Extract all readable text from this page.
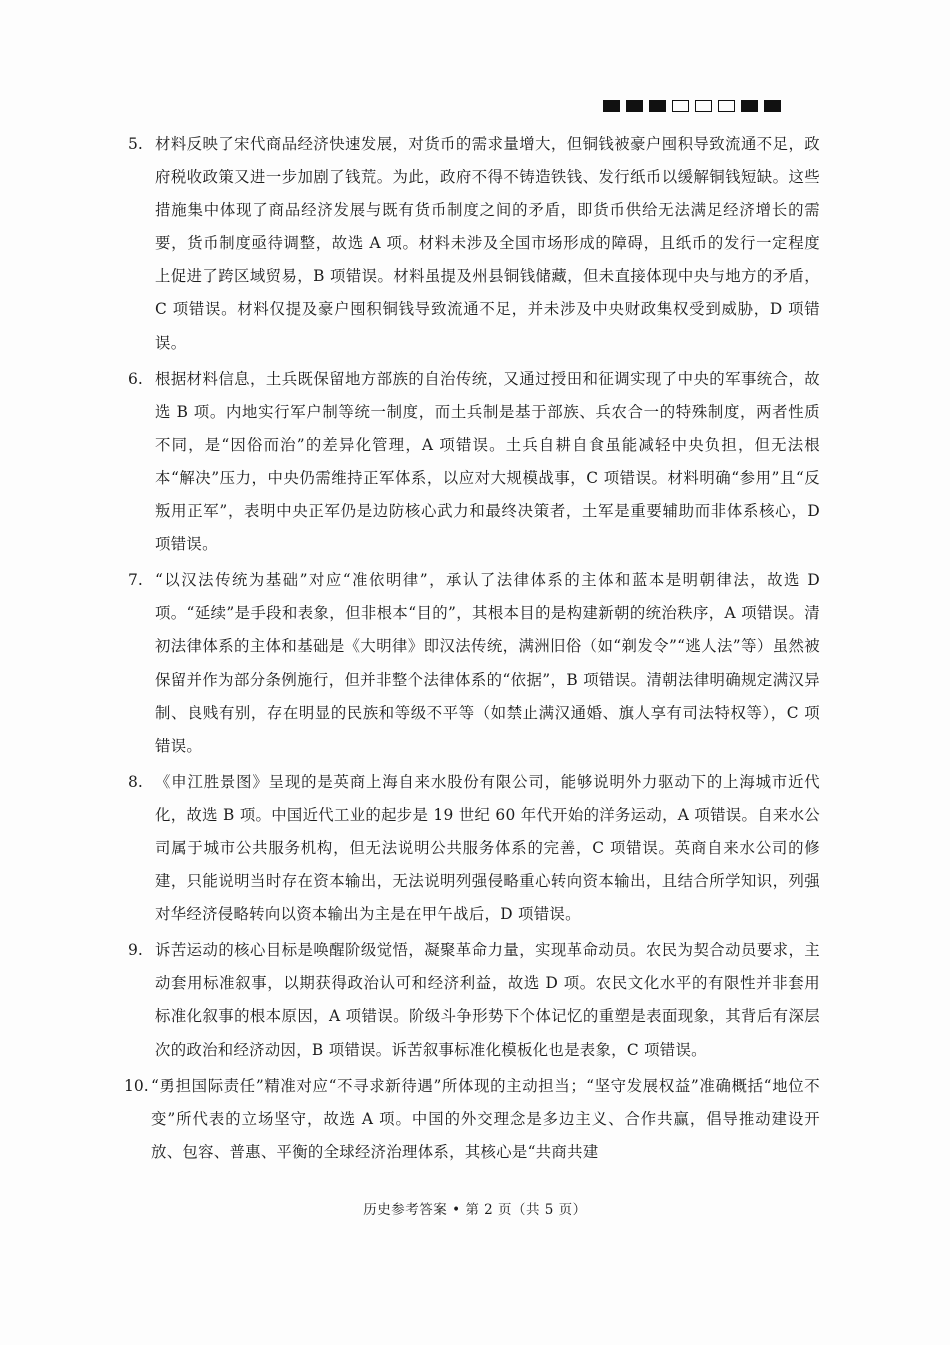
5. 材料反映了宋代商品经济快速发展，对货币的需求量增大，但铜钱被豪户囤积导致流通不足，政府税收政策又进一步加剧了钱荒。为此，政府不得不铸造铁钱、发行纸币以缓解铜钱短缺。这些措施集中体现了商品经济发展与既有货币制度之间的矛盾，即货币供给无法满足经济增长的需要，货币制度亟待调整，故选 A 项。材料未涉及全国市场形成的障碍，且纸币的发行一定程度上促进了跨区域贸易，B 项错误。材料虽提及州县铜钱储藏，但未直接体现中央与地方的矛盾，C 项错误。材料仅提及豪户囤积铜钱导致流通不足，并未涉及中央财政集权受到威胁，D 项错误。
6. 根据材料信息，土兵既保留地方部族的自治传统，又通过授田和征调实现了中央的军事统合，故选 B 项。内地实行军户制等统一制度，而土兵制是基于部族、兵农合一的特殊制度，两者性质不同，是“因俗而治”的差异化管理，A 项错误。土兵自耕自食虽能减轻中央负担，但无法根本“解决”压力，中央仍需维持正军体系，以应对大规模战事，C 项错误。材料明确“参用”且“反叛用正军”，表明中央正军仍是边防核心武力和最终决策者，土军是重要辅助而非体系核心，D 项错误。
7. “以汉法传统为基础”对应“准依明律”，承认了法律体系的主体和蓝本是明朝律法，故选 D 项。“延续”是手段和表象，但非根本“目的”，其根本目的是构建新朝的统治秩序，A 项错误。清初法律体系的主体和基础是《大明律》即汉法传统，满洲旧俗（如“剃发令”“逃人法”等）虽然被保留并作为部分条例施行，但并非整个法律体系的“依据”，B 项错误。清朝法律明确规定满汉异制、良贱有别，存在明显的民族和等级不平等（如禁止满汉通婚、旗人享有司法特权等），C 项错误。
8. 《申江胜景图》呈现的是英商上海自来水股份有限公司，能够说明外力驱动下的上海城市近代化，故选 B 项。中国近代工业的起步是 19 世纪 60 年代开始的洋务运动，A 项错误。自来水公司属于城市公共服务机构，但无法说明公共服务体系的完善，C 项错误。英商自来水公司的修建，只能说明当时存在资本输出，无法说明列强侵略重心转向资本输出，且结合所学知识，列强对华经济侵略转向以资本输出为主是在甲午战后，D 项错误。
9. 诉苦运动的核心目标是唤醒阶级觉悟，凝聚革命力量，实现革命动员。农民为契合动员要求，主动套用标准叙事，以期获得政治认可和经济利益，故选 D 项。农民文化水平的有限性并非套用标准化叙事的根本原因，A 项错误。阶级斗争形势下个体记忆的重塑是表面现象，其背后有深层次的政治和经济动因，B 项错误。诉苦叙事标准化模板化也是表象，C 项错误。
10. “勇担国际责任”精准对应“不寻求新待遇”所体现的主动担当；“坚守发展权益”准确概括“地位不变”所代表的立场坚守，故选 A 项。中国的外交理念是多边主义、合作共赢，倡导推动建设开放、包容、普惠、平衡的全球经济治理体系，其核心是“共商共建
历史参考答案 • 第 2 页（共 5 页）
